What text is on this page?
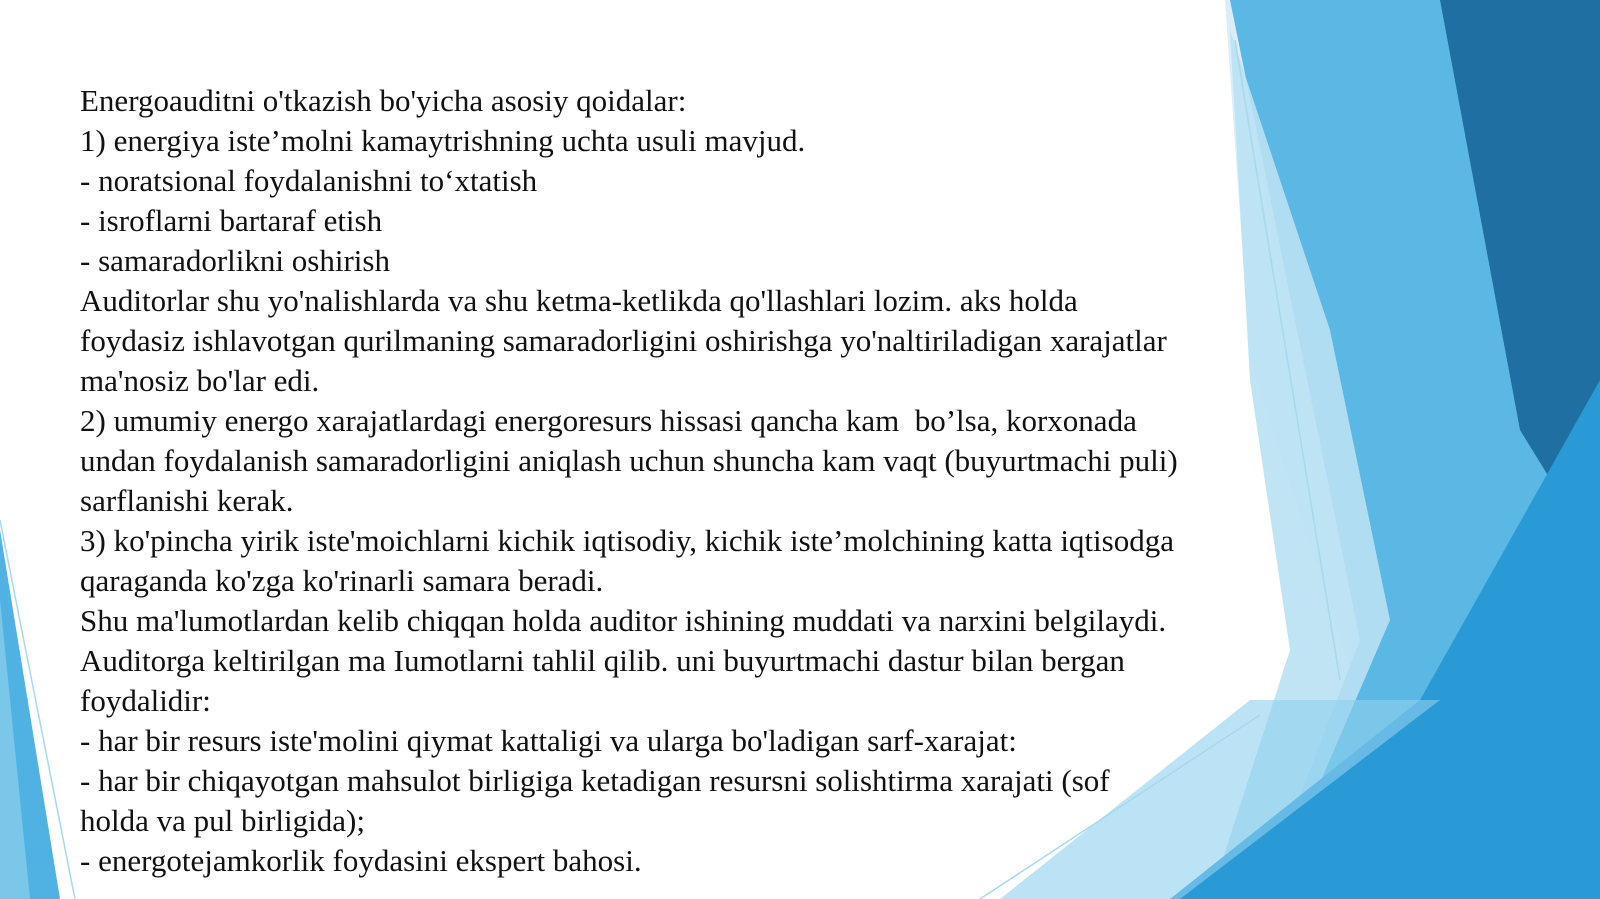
Energoauditni o'tkazish bo'yicha asosiy qoidalar:
1) energiya iste’molni kamaytrishning uchta usuli mavjud.
- noratsional foydalanishni to‘xtatish
- isroflarni bartaraf etish
- samaradorlikni oshirish
Auditorlar shu yo'nalishlarda va shu ketma-ketlikda qo'llashlari lozim. aks holda
foydasiz ishlavotgan qurilmaning samaradorligini oshirishga yo'naltiriladigan xarajatlar
ma'nosiz bo'lar edi.
2) umumiy energo xarajatlardagi energoresurs hissasi qancha kam  bo’lsa, korxonada
undan foydalanish samaradorligini aniqlash uchun shuncha kam vaqt (buyurtmachi puli)
sarflanishi kerak.
3) ko'pincha yirik iste'moichlarni kichik iqtisodiy, kichik iste’molchining katta iqtisodga
qaraganda ko'zga ko'rinarli samara beradi.
Shu ma'lumotlardan kelib chiqqan holda auditor ishining muddati va narxini belgilaydi.
Auditorga keltirilgan ma Iumotlarni tahlil qilib. uni buyurtmachi dastur bilan bergan
foydalidir:
- har bir resurs iste'molini qiymat kattaligi va ularga bo'ladigan sarf-xarajat:
- har bir chiqayotgan mahsulot birligiga ketadigan resursni solishtirma xarajati (sof
holda va pul birligida);
- energotejamkorlik foydasini ekspert bahosi.
